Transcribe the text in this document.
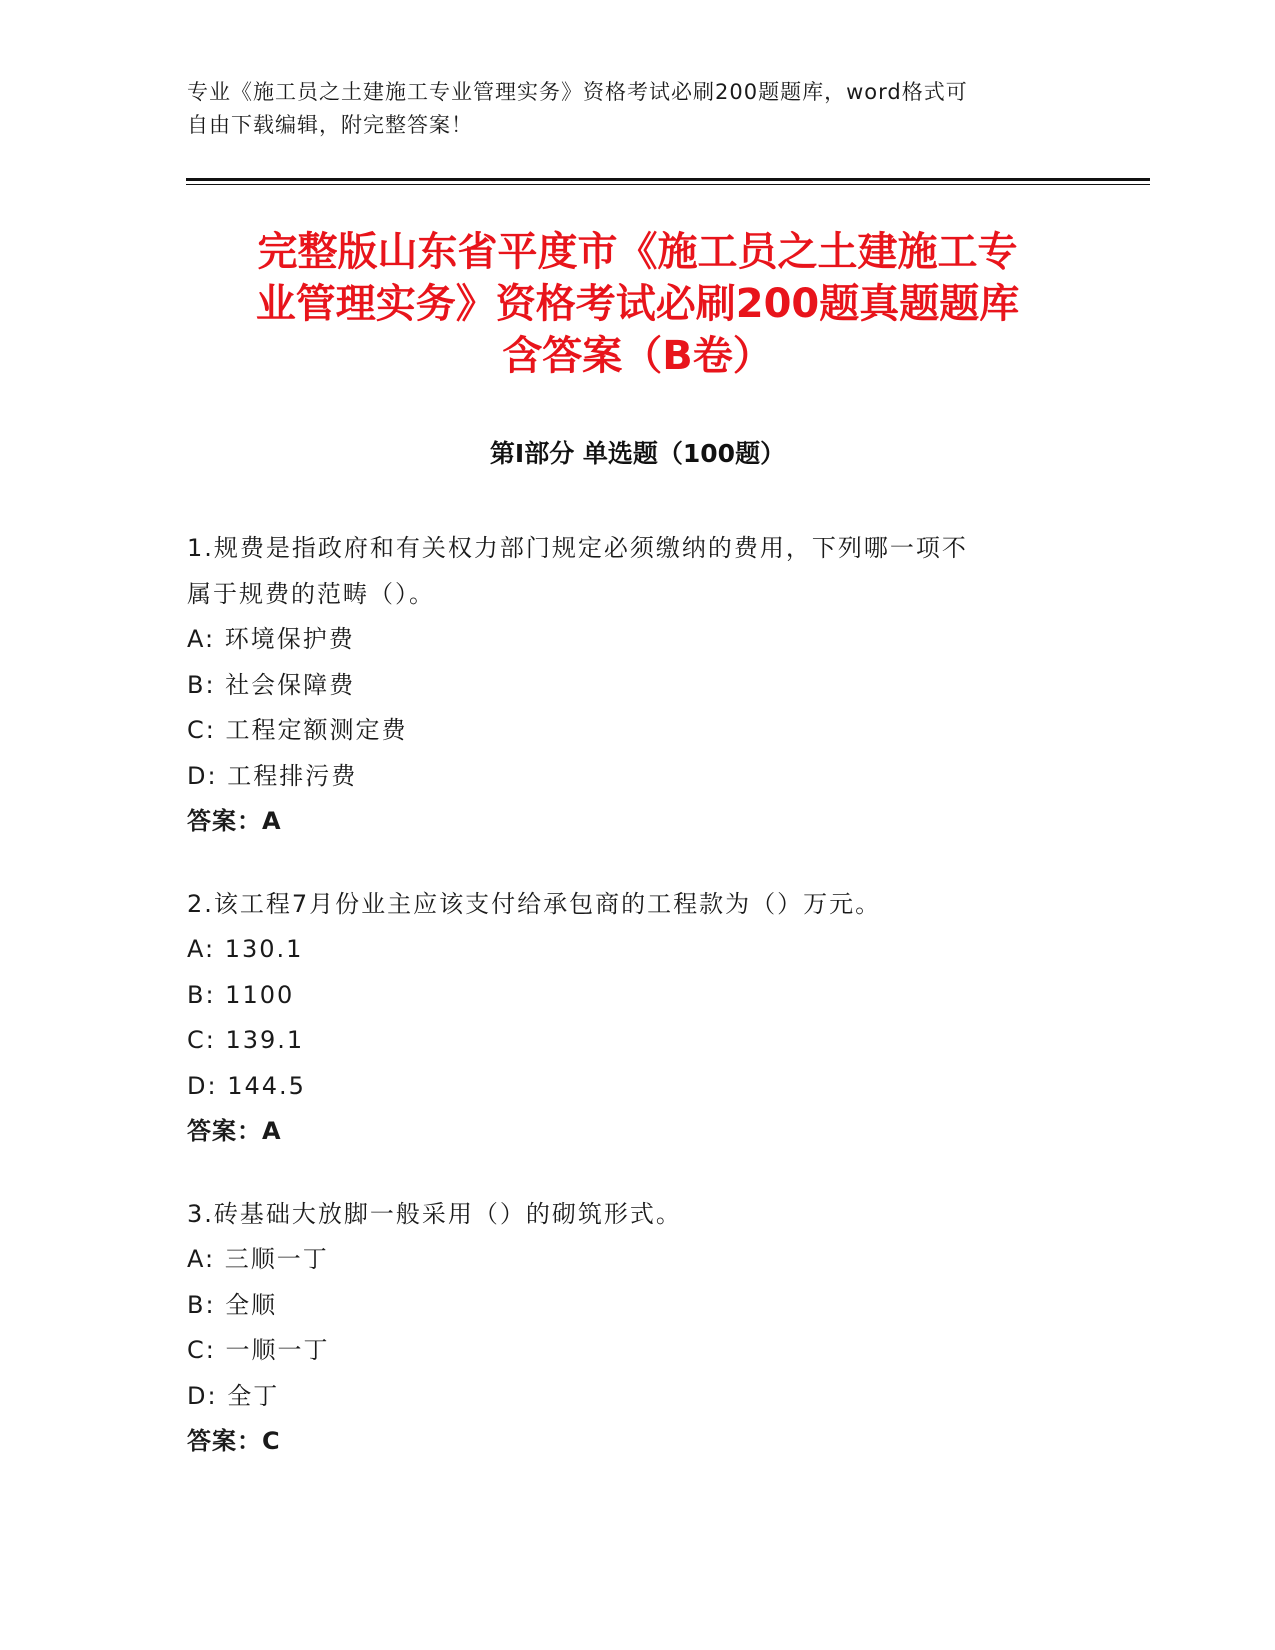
专业《施工员之土建施工专业管理实务》资格考试必刷200题题库，word格式可
自由下载编辑，附完整答案！
完整版山东省平度市《施工员之土建施工专
业管理实务》资格考试必刷200题真题题库
含答案（B卷）
第Ⅰ部分 单选题（100题）
1.规费是指政府和有关权力部门规定必须缴纳的费用，下列哪一项不
属于规费的范畴（）。
A: 环境保护费
B: 社会保障费
C: 工程定额测定费
D: 工程排污费
答案：A
2.该工程7月份业主应该支付给承包商的工程款为（）万元。
A: 130.1
B: 1100
C: 139.1
D: 144.5
答案：A
3.砖基础大放脚一般采用（）的砌筑形式。
A: 三顺一丁
B: 全顺
C: 一顺一丁
D: 全丁
答案：C
